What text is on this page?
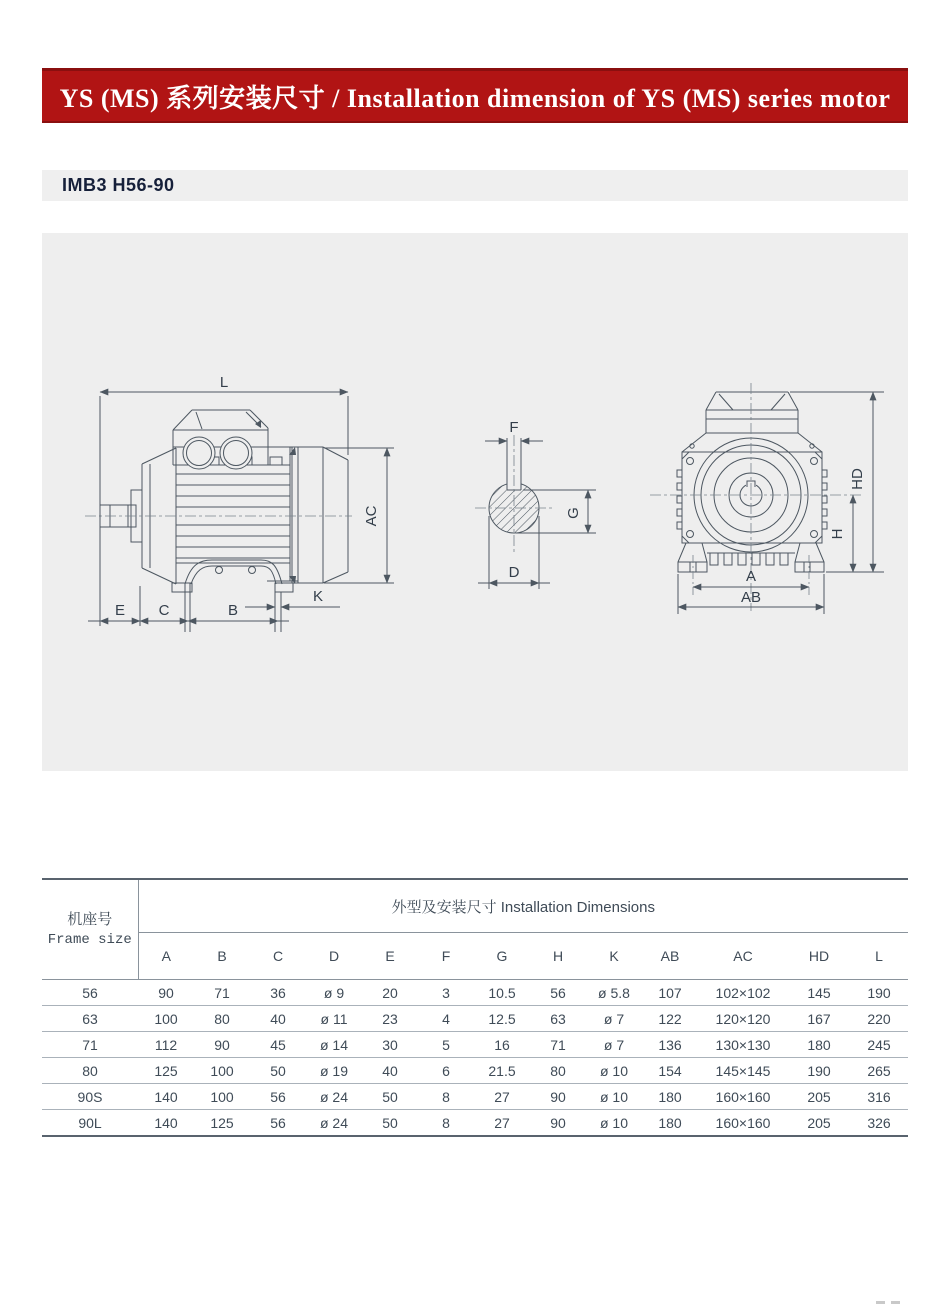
YS (MS) 系列安装尺寸 / Installation dimension of YS (MS) series motor
IMB3 H56-90
L
E C	B
K
AC
F
G
D	A
AB
HD
H
机座号
Frame size	外型及安装尺寸 Installation Dimensions												
	A	B	C	D	E	F	G	H	K	AB	AC	HD	L
56	90	71	36	ø 9	20	3	10.5	56	ø 5.8	107	102×102	145	190
63	100	80	40	ø 11	23	4	12.5	63	ø 7	122	120×120	167	220
71	112	90	45	ø 14	30	5	16	71	ø 7	136	130×130	180	245
80	125	100	50	ø 19	40	6	21.5	80	ø 10	154	145×145	190	265
90S	140	100	56	ø 24	50	8	27	90	ø 10	180	160×160	205	316
90L	140	125	56	ø 24	50	8	27	90	ø 10	180	160×160	205	326
